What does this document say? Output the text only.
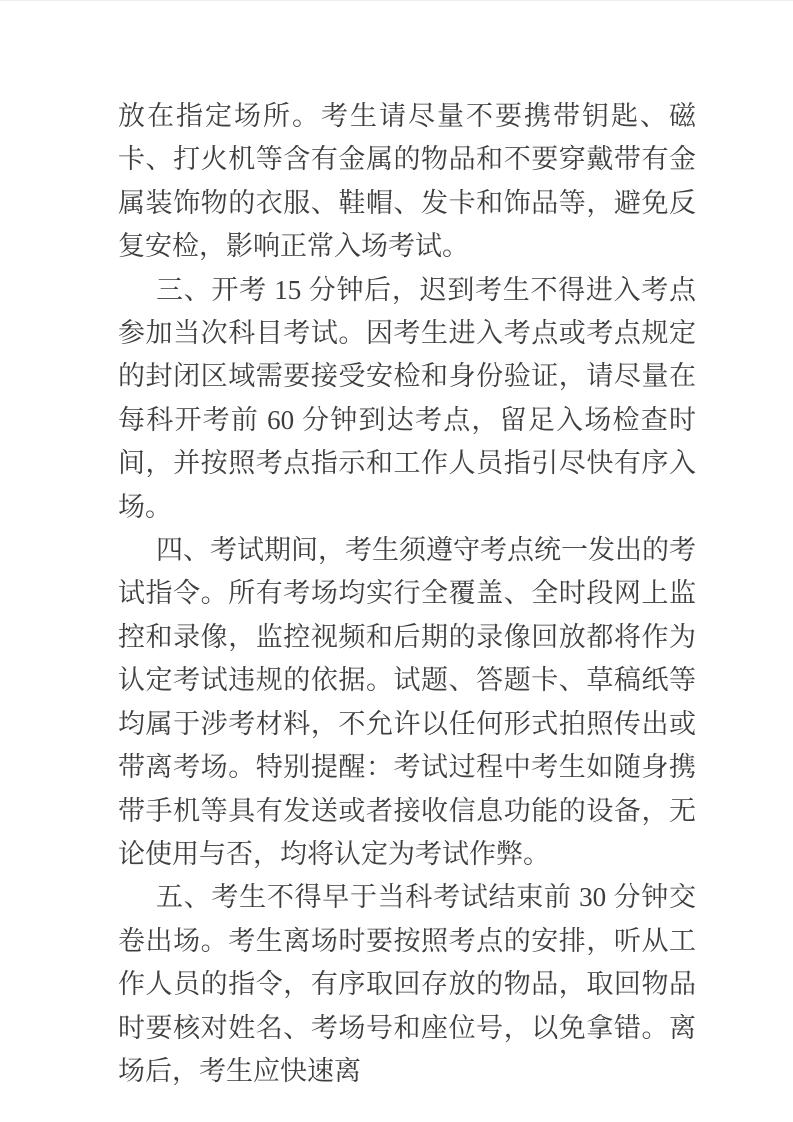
放在指定场所。考生请尽量不要携带钥匙、磁卡、打火机等含有金属的物品和不要穿戴带有金属装饰物的衣服、鞋帽、发卡和饰品等，避免反复安检，影响正常入场考试。

三、开考 15 分钟后，迟到考生不得进入考点参加当次科目考试。因考生进入考点或考点规定的封闭区域需要接受安检和身份验证，请尽量在每科开考前 60 分钟到达考点，留足入场检查时间，并按照考点指示和工作人员指引尽快有序入场。

四、考试期间，考生须遵守考点统一发出的考试指令。所有考场均实行全覆盖、全时段网上监控和录像，监控视频和后期的录像回放都将作为认定考试违规的依据。试题、答题卡、草稿纸等均属于涉考材料，不允许以任何形式拍照传出或带离考场。特别提醒：考试过程中考生如随身携带手机等具有发送或者接收信息功能的设备，无论使用与否，均将认定为考试作弊。

五、考生不得早于当科考试结束前 30 分钟交卷出场。考生离场时要按照考点的安排，听从工作人员的指令，有序取回存放的物品，取回物品时要核对姓名、考场号和座位号，以免拿错。离场后，考生应快速离
